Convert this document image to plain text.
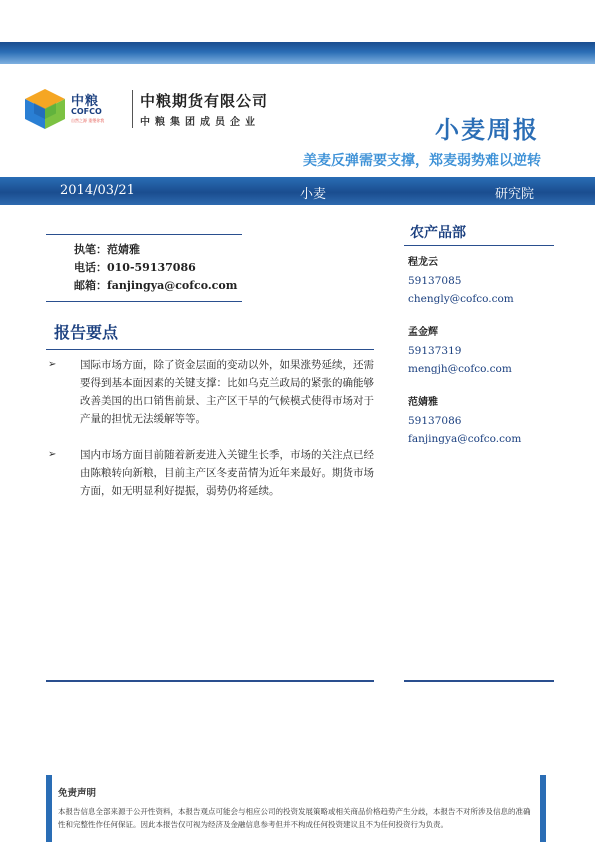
中粮
COFCO
自然之源 重塑你我
中粮期货有限公司
中粮集团成员企业	小麦周报
美麦反弹需要支撑，郑麦弱势难以逆转
2014/03/21	小麦	研究院
执笔：范婧雅
电话：010-59137086
邮箱：fanjingya@cofco.com
报告要点
➢ 国际市场方面，除了资金层面的变动以外，如果涨势延续，还需要得到基本面因素的关键支撑：比如乌克兰政局的紧张的确能够改善美国的出口销售前景、主产区干旱的气候模式使得市场对于产量的担忧无法缓解等等。
➢ 国内市场方面目前随着新麦进入关键生长季，市场的关注点已经由陈粮转向新粮，目前主产区冬麦苗情为近年来最好。期货市场方面，如无明显利好提振，弱势仍将延续。
农产品部
程龙云
59137085
chengly@cofco.com
孟金辉
59137319
mengjh@cofco.com
范婧雅
59137086
fanjingya@cofco.com
免责声明
本报告信息全部来源于公开性资料，本报告观点可能会与相应公司的投资发展策略或相关商品价格趋势产生分歧，本报告不对所涉及信息的准确性和完整性作任何保证。因此本报告仅可视为经济及金融信息参考但并不构成任何投资建议且不为任何投资行为负责。
